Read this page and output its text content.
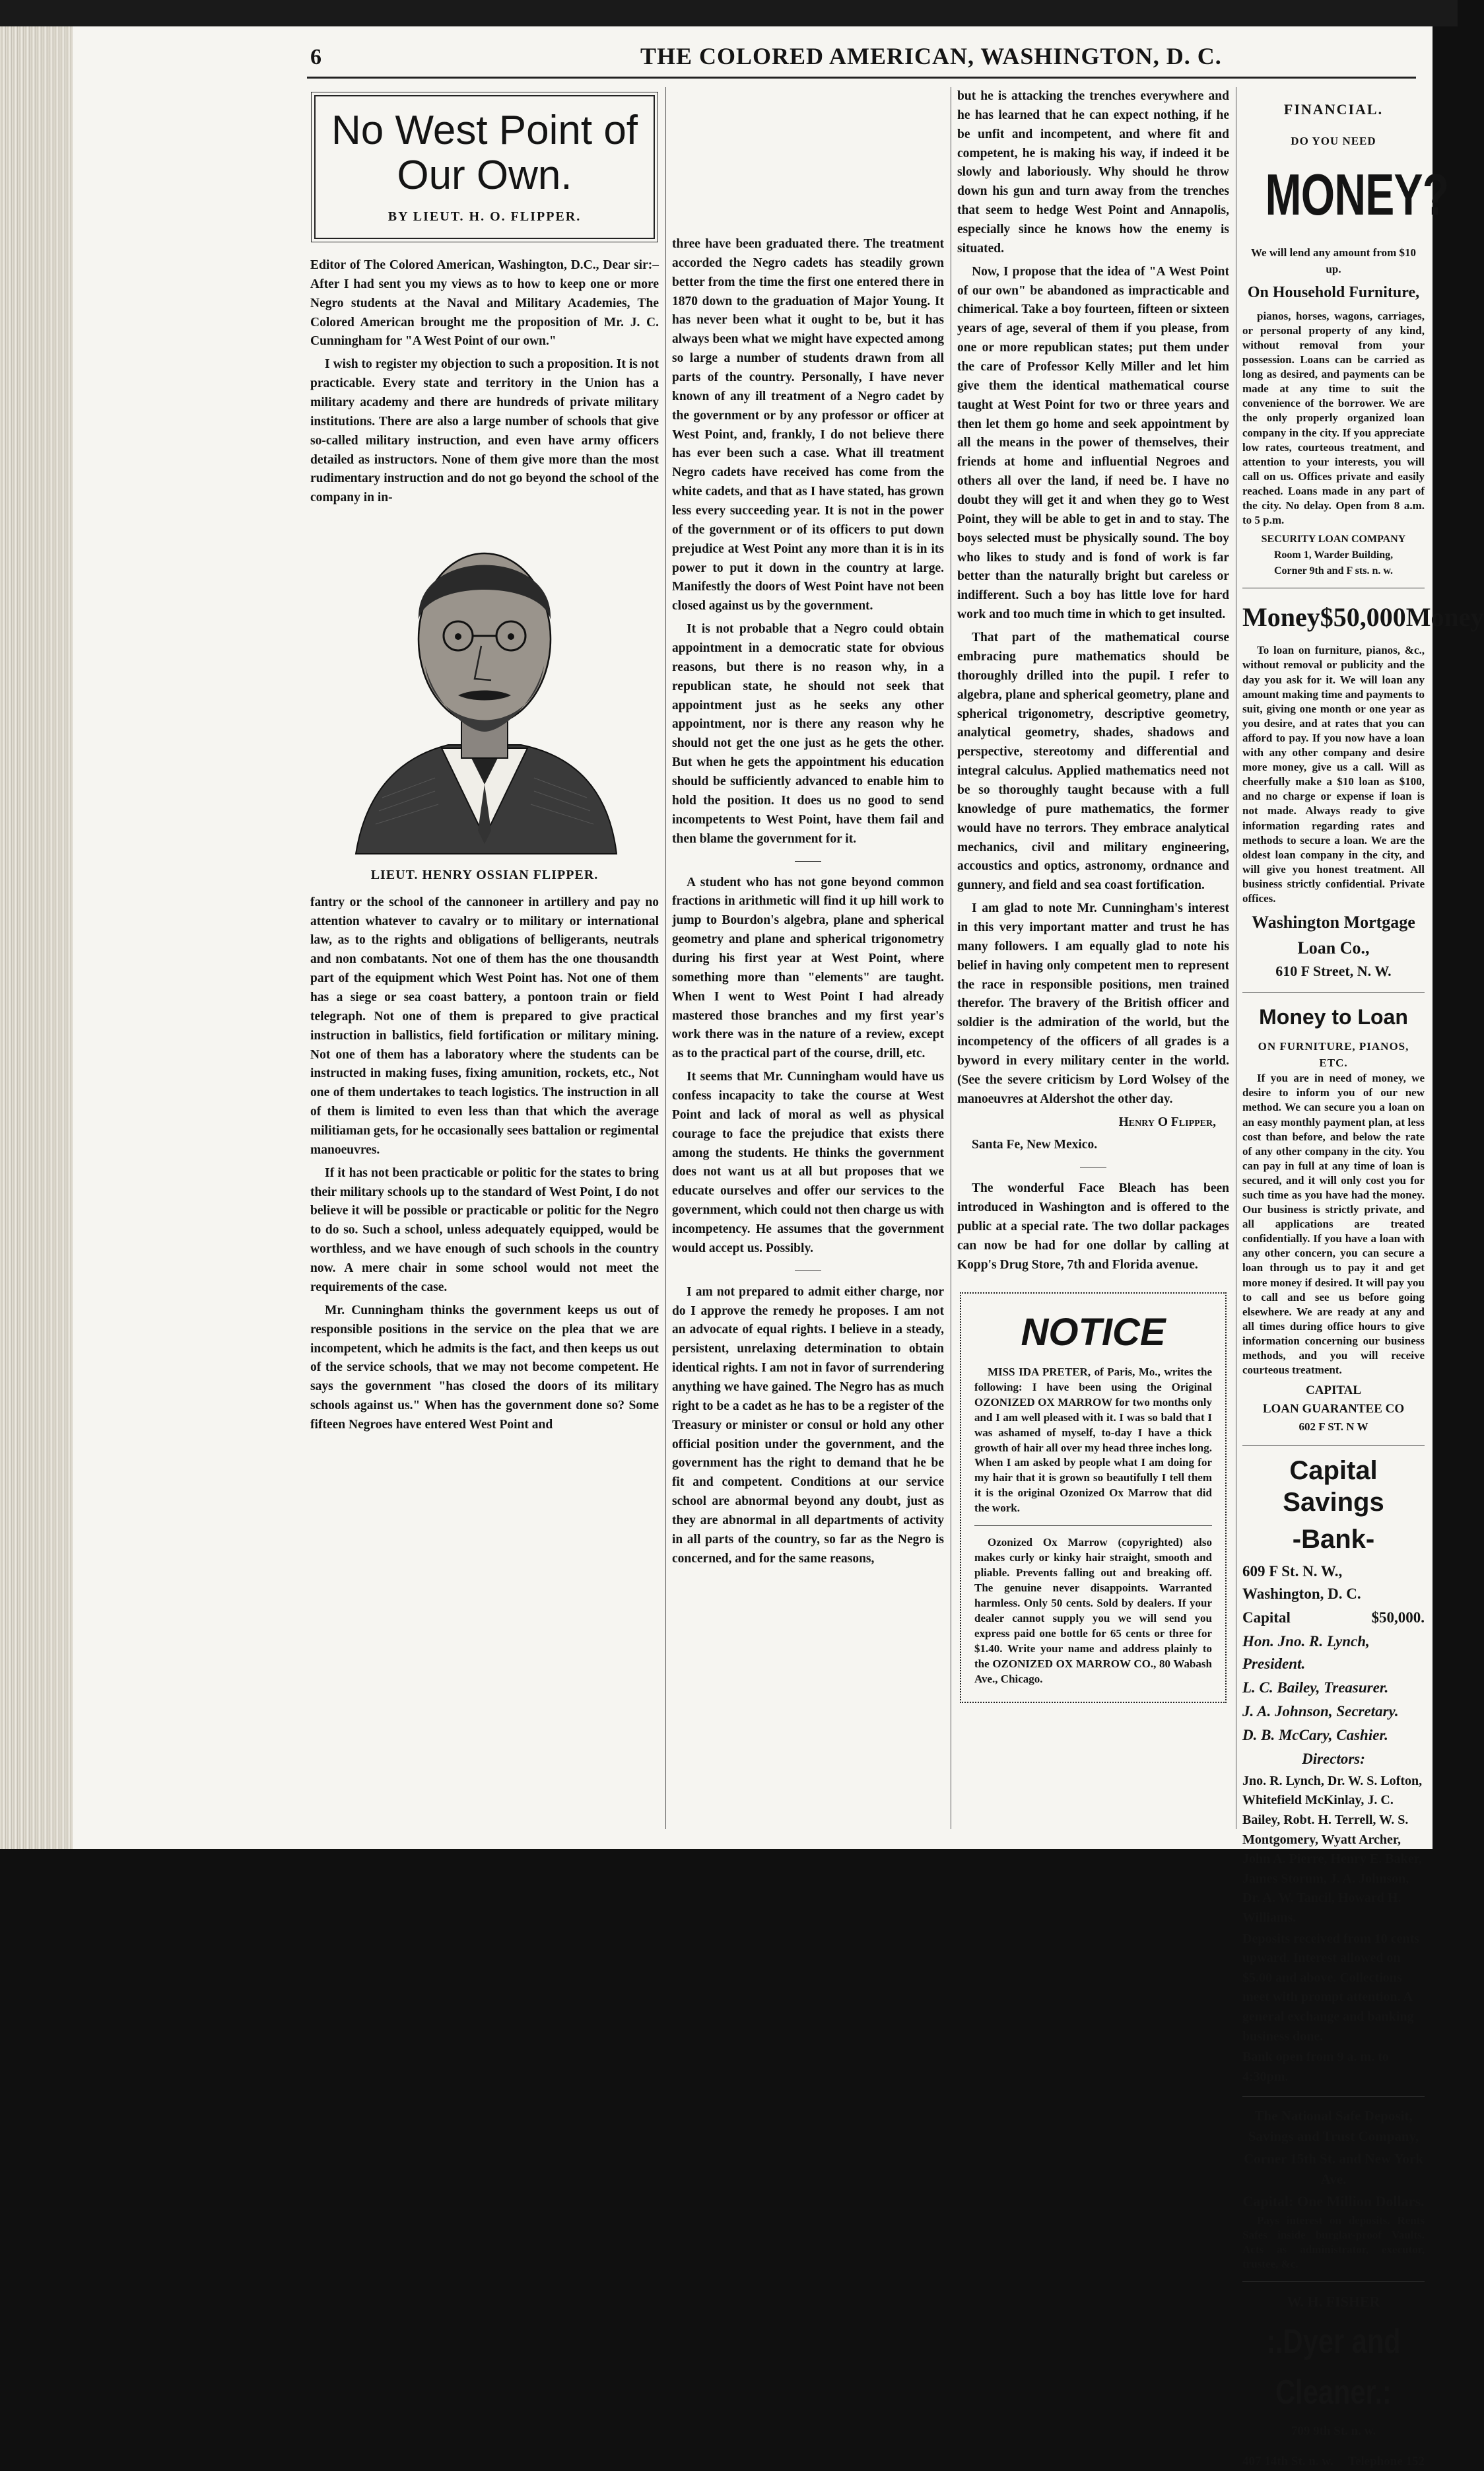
6	THE COLORED AMERICAN, WASHINGTON, D. C.
No West Point of Our Own.
BY LIEUT. H. O. FLIPPER.

Editor of The Colored American, Washington, D.C., Dear sir:–After I had sent you my views as to how to keep one or more Negro students at the Naval and Military Academies, The Colored American brought me the proposition of Mr. J. C. Cunningham for "A West Point of our own."

I wish to register my objection to such a proposition. It is not practicable. Every state and territory in the Union has a military academy and there are hundreds of private military institutions. There are also a large number of schools that give so-called military instruction, and even have army officers detailed as instructors. None of them give more than the most rudimentary instruction and do not go beyond the school of the company in in-

LIEUT. HENRY OSSIAN FLIPPER.

fantry or the school of the cannoneer in artillery and pay no attention whatever to cavalry or to military or international law, as to the rights and obligations of belligerants, neutrals and non combatants. Not one of them has the one thousandth part of the equipment which West Point has. Not one of them has a siege or sea coast battery, a pontoon train or field telegraph. Not one of them is prepared to give practical instruction in ballistics, field fortification or military mining. Not one of them has a laboratory where the students can be instructed in making fuses, fixing amunition, rockets, etc., Not one of them undertakes to teach logistics. The instruction in all of them is limited to even less than that which the average militiaman gets, for he occasionally sees battalion or regimental manoeuvres.

If it has not been practicable or politic for the states to bring their military schools up to the standard of West Point, I do not believe it will be possible or practicable or politic for the Negro to do so. Such a school, unless adequately equipped, would be worthless, and we have enough of such schools in the country now. A mere chair in some school would not meet the requirements of the case.

Mr. Cunningham thinks the government keeps us out of responsible positions in the service on the plea that we are incompetent, which he admits is the fact, and then keeps us out of the service schools, that we may not become competent. He says the government "has closed the doors of its military schools against us." When has the government done so? Some fifteen Negroes have entered West Point and

three have been graduated there. The treatment accorded the Negro cadets has steadily grown better from the time the first one entered there in 1870 down to the graduation of Major Young. It has never been what it ought to be, but it has always been what we might have expected among so large a number of students drawn from all parts of the country. Personally, I have never known of any ill treatment of a Negro cadet by the government or by any professor or officer at West Point, and, frankly, I do not believe there has ever been such a case. What ill treatment Negro cadets have received has come from the white cadets, and that as I have stated, has grown less every succeeding year. It is not in the power of the government or of its officers to put down prejudice at West Point any more than it is in its power to put it down in the country at large. Manifestly the doors of West Point have not been closed against us by the government.

It is not probable that a Negro could obtain appointment in a democratic state for obvious reasons, but there is no reason why, in a republican state, he should not seek that appointment just as he seeks any other appointment, nor is there any reason why he should not get the one just as he gets the other. But when he gets the appointment his education should be sufficiently advanced to enable him to hold the position. It does us no good to send incompetents to West Point, have them fail and then blame the government for it.

A student who has not gone beyond common fractions in arithmetic will find it up hill work to jump to Bourdon's algebra, plane and spherical geometry and plane and spherical trigonometry during his first year at West Point, where something more than "elements" are taught. When I went to West Point I had already mastered those branches and my first year's work there was in the nature of a review, except as to the practical part of the course, drill, etc.

It seems that Mr. Cunningham would have us confess incapacity to take the course at West Point and lack of moral as well as physical courage to face the prejudice that exists there among the students. He thinks the government does not want us at all but proposes that we educate ourselves and offer our services to the government, which could not then charge us with incompetency. He assumes that the government would accept us. Possibly.

I am not prepared to admit either charge, nor do I approve the remedy he proposes. I am not an advocate of equal rights. I believe in a steady, persistent, unrelaxing determination to obtain identical rights. I am not in favor of surrendering anything we have gained. The Negro has as much right to be a cadet as he has to be a register of the Treasury or minister or consul or hold any other official position under the government, and the government has the right to demand that he be fit and competent. Conditions at our service school are abnormal beyond any doubt, just as they are abnormal in all departments of activity in all parts of the country, so far as the Negro is concerned, and for the same reasons,

but he is attacking the trenches everywhere and he has learned that he can expect nothing, if he be unfit and incompetent, and where fit and competent, he is making his way, if indeed it be slowly and laboriously. Why should he throw down his gun and turn away from the trenches that seem to hedge West Point and Annapolis, especially since he knows how the enemy is situated.

Now, I propose that the idea of "A West Point of our own" be abandoned as impracticable and chimerical. Take a boy fourteen, fifteen or sixteen years of age, several of them if you please, from one or more republican states; put them under the care of Professor Kelly Miller and let him give them the identical mathematical course taught at West Point for two or three years and then let them go home and seek appointment by all the means in the power of themselves, their friends at home and influential Negroes and others all over the land, if need be. I have no doubt they will get it and when they go to West Point, they will be able to get in and to stay. The boys selected must be physically sound. The boy who likes to study and is fond of work is far better than the naturally bright but careless or indifferent. Such a boy has little love for hard work and too much time in which to get insulted.

That part of the mathematical course embracing pure mathematics should be thoroughly drilled into the pupil. I refer to algebra, plane and spherical geometry, plane and spherical trigonometry, descriptive geometry, analytical geometry, shades, shadows and perspective, stereotomy and differential and integral calculus. Applied mathematics need not be so thoroughly taught because with a full knowledge of pure mathematics, the former would have no terrors. They embrace analytical mechanics, civil and military engineering, accoustics and optics, astronomy, ordnance and gunnery, and field and sea coast fortification.

I am glad to note Mr. Cunningham's interest in this very important matter and trust he has many followers. I am equally glad to note his belief in having only competent men to represent the race in responsible positions, men trained therefor. The bravery of the British officer and soldier is the admiration of the world, but the incompetency of the officers of all grades is a byword in every military center in the world. (See the severe criticism by Lord Wolsey of the manoeuvres at Aldershot the other day.

Henry O Flipper,

Santa Fe, New Mexico.

The wonderful Face Bleach has been introduced in Washington and is offered to the public at a special rate. The two dollar packages can now be had for one dollar by calling at Kopp's Drug Store, 7th and Florida avenue.

NOTICE

MISS IDA PRETER, of Paris, Mo., writes the following: I have been using the Original OZONIZED OX MARROW for two months only and I am well pleased with it. I was so bald that I was ashamed of myself, to-day I have a thick growth of hair all over my head three inches long. When I am asked by people what I am doing for my hair that it is grown so beautifully I tell them it is the original Ozonized Ox Marrow that did the work.

Ozonized Ox Marrow (copyrighted) also makes curly or kinky hair straight, smooth and pliable. Prevents falling out and breaking off. The genuine never disappoints. Warranted harmless. Only 50 cents. Sold by dealers. If your dealer cannot supply you we will send you express paid one bottle for 65 cents or three for $1.40. Write your name and address plainly to the OZONIZED OX MARROW CO., 80 Wabash Ave., Chicago.

FINANCIAL.
DO YOU NEED
MONEY?
We will lend any amount from $10 up.
On Household Furniture,

pianos, horses, wagons, carriages, or personal property of any kind, without removal from your possession. Loans can be carried as long as desired, and payments can be made at any time to suit the convenience of the borrower. We are the only properly organized loan company in the city. If you appreciate low rates, courteous treatment, and attention to your interests, you will call on us. Offices private and easily reached. Loans made in any part of the city. No delay. Open from 8 a.m. to 5 p.m.

SECURITY LOAN COMPANY
Room 1, Warder Building,
Corner 9th and F sts. n. w.
Money $50,000 Money

To loan on furniture, pianos, &c., without removal or publicity and the day you ask for it. We will loan any amount making time and payments to suit, giving one month or one year as you desire, and at rates that you can afford to pay. If you now have a loan with any other company and desire more money, give us a call. Will as cheerfully make a $10 loan as $100, and no charge or expense if loan is not made. Always ready to give information regarding rates and methods to secure a loan. We are the oldest loan company in the city, and will give you honest treatment. All business strictly confidential. Private offices.

Washington Mortgage Loan Co.,
610 F Street, N. W.
Money to Loan
ON FURNITURE, PIANOS, ETC.

If you are in need of money, we desire to inform you of our new method. We can secure you a loan on an easy monthly payment plan, at less cost than before, and below the rate of any other company in the city. You can pay in full at any time of loan is secured, and it will only cost you for such time as you have had the money. Our business is strictly private, and all applications are treated confidentially. If you have a loan with any other concern, you can secure a loan through us to pay it and get more money if desired. It will pay you to call and see us before going elsewhere. We are ready at any and all times during office hours to give information concerning our business methods, and you will receive courteous treatment.

CAPITAL
LOAN GUARANTEE CO
602 F ST. N W
Capital Savings
-Bank-
609 F St. N. W., Washington, D. C.
Capital	$50,000.
Hon. Jno. R. Lynch, President.
L. C. Bailey, Treasurer.
J. A. Johnson, Secretary.
D. B. McCary, Cashier.
Directors:
Jno. R. Lynch, Dr. W. S. Lofton, Whitefield McKinlay, J. C. Bailey, Robt. H. Terrell, W. S. Montgomery, Wyatt Archer, John A. Pierre, Henry E. Baker, James Storum, J. A. Johnson, Dr. A. W. Tancil, Howard H. Williams.
Deposits received from 10 cents upward. Interest allowed on $5.00 and above. Collections meet with prompt attention. A general exchange and banking business done.
Bank open from 9 a. m. to 4:30pm.
The National Safe Deposit, Savings and Trust Company,
Corner 15th St. and New York Ave.
Capital: One Million Dollars.

Pays interest on deposits. Rents Safes inside burglar-proof Vaults. Acts as administrator, executor, trustee, &c.

W. H. FISHER
:.Dyer and Cleaner.:
709 9th St. n. w.
407 14th St. n. w. Telephone 152
